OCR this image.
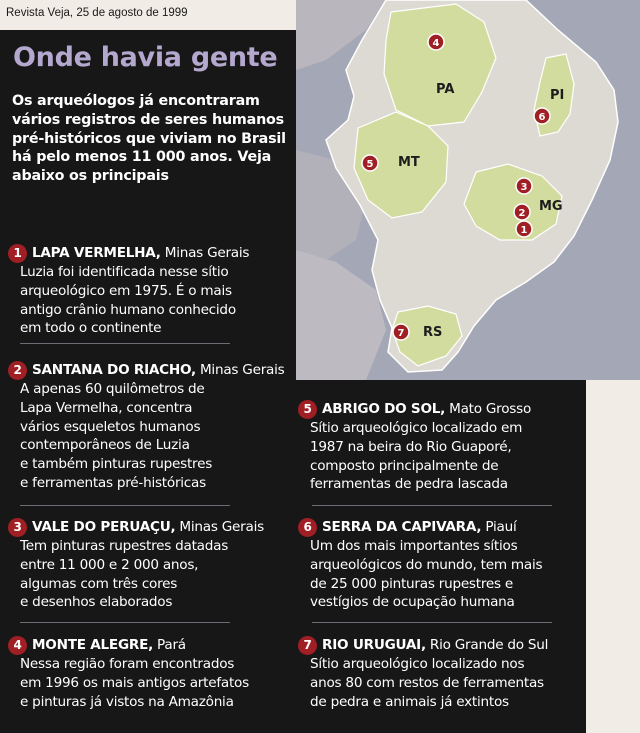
Revista Veja, 25 de agosto de 1999
Onde havia gente
Os arqueólogos já encontraram
vários registros de seres humanos
pré-históricos que viviam no Brasil
há pelo menos 11 000 anos. Veja
abaixo os principais
PA	PI
MT
MG
RS
1
2
3
4
5
6
7
1 LAPA VERMELHA, Minas Gerais
Luzia foi identificada nesse sítio
arqueológico em 1975. É o mais
antigo crânio humano conhecido
em todo o continente
2 SANTANA DO RIACHO, Minas Gerais
A apenas 60 quilômetros de
Lapa Vermelha, concentra
vários esqueletos humanos
contemporâneos de Luzia
e também pinturas rupestres
e ferramentas pré-históricas
3 VALE DO PERUAÇU, Minas Gerais
Tem pinturas rupestres datadas
entre 11 000 e 2 000 anos,
algumas com três cores
e desenhos elaborados
4 MONTE ALEGRE, Pará
Nessa região foram encontrados
em 1996 os mais antigos artefatos
e pinturas já vistos na Amazônia
5 ABRIGO DO SOL, Mato Grosso
Sítio arqueológico localizado em
1987 na beira do Rio Guaporé,
composto principalmente de
ferramentas de pedra lascada
6 SERRA DA CAPIVARA, Piauí
Um dos mais importantes sítios
arqueológicos do mundo, tem mais
de 25 000 pinturas rupestres e
vestígios de ocupação humana
7 RIO URUGUAI, Rio Grande do Sul
Sítio arqueológico localizado nos
anos 80 com restos de ferramentas
de pedra e animais já extintos
